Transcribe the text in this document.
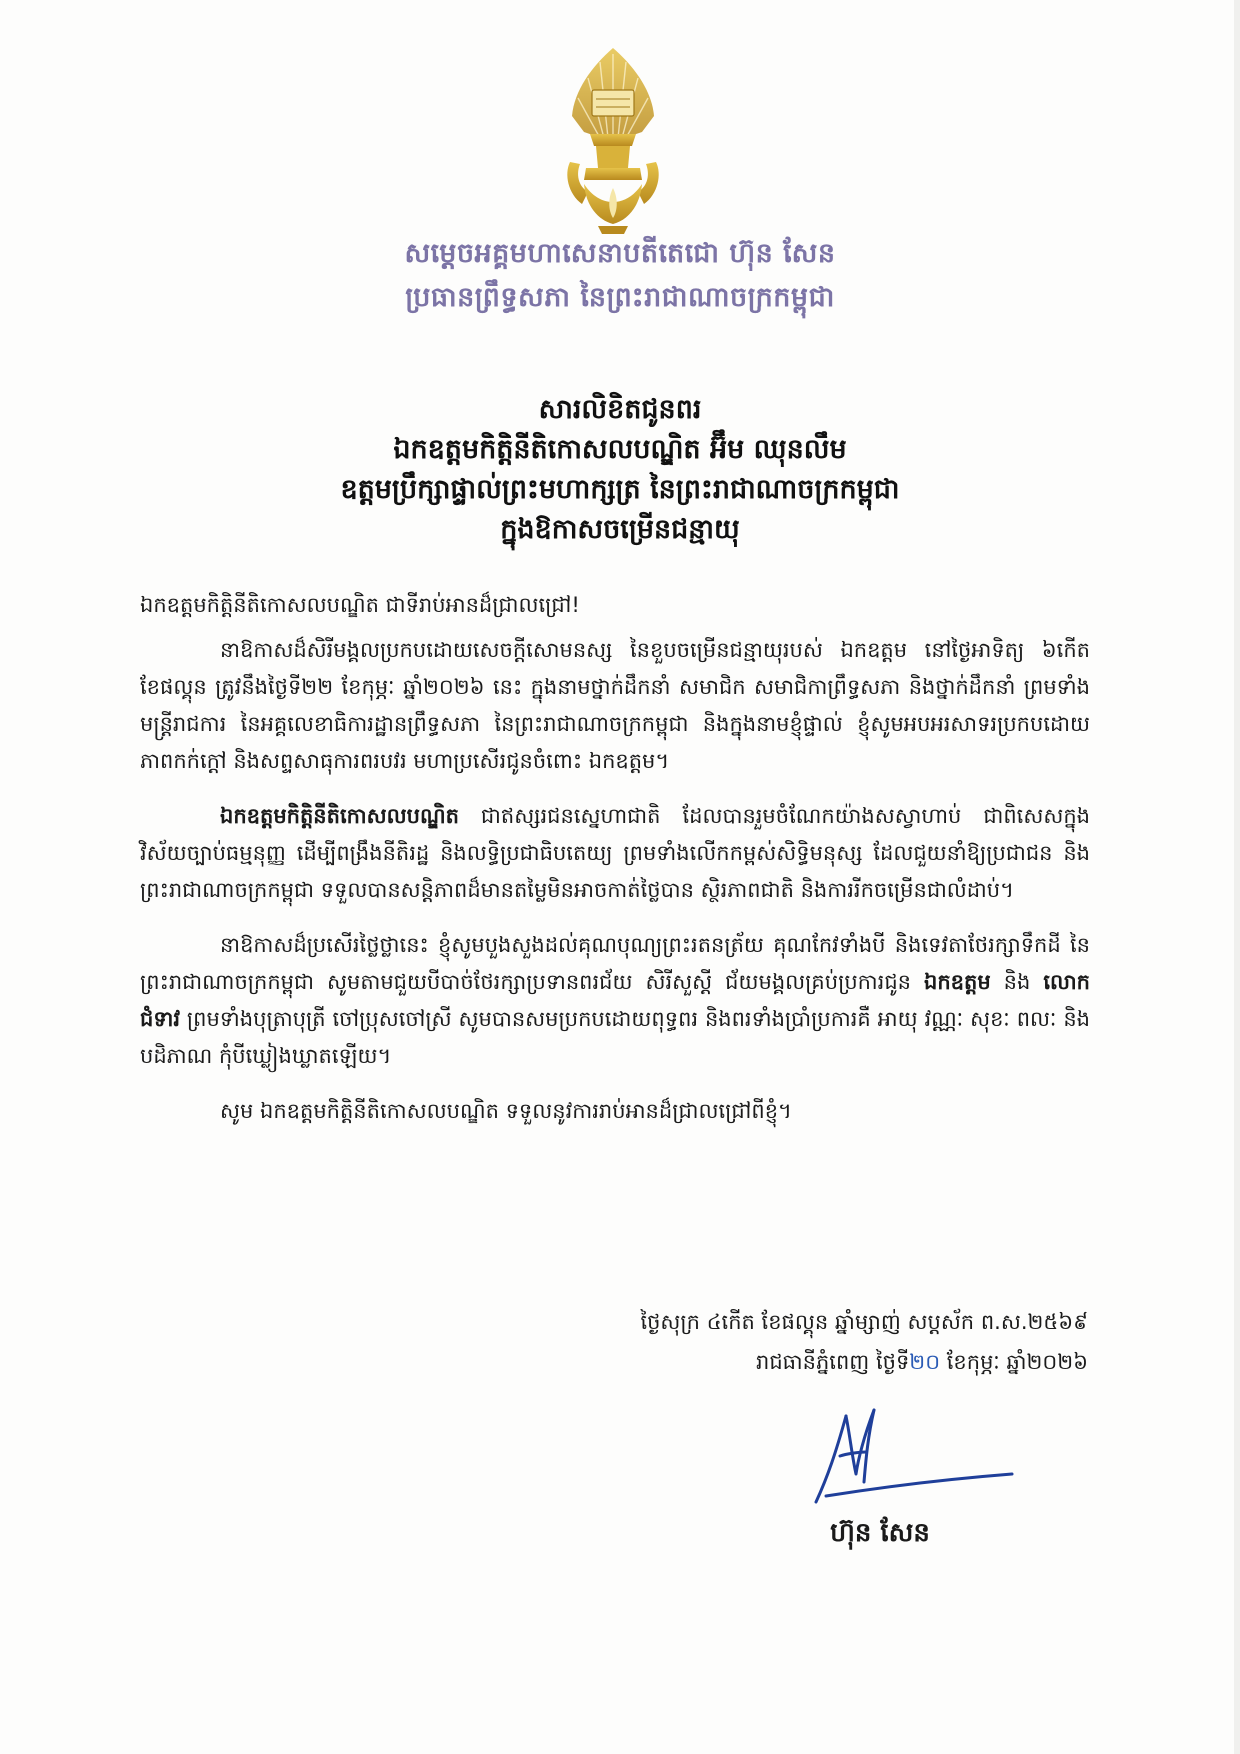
សម្តេចអគ្គមហាសេនាបតីតេជោ ហ៊ុន សែន
ប្រធានព្រឹទ្ធសភា នៃព្រះរាជាណាចក្រកម្ពុជា
សារលិខិតជូនពរ
ឯកឧត្តមកិត្តិនីតិកោសលបណ្ឌិត អ៊ឹម ឈុនលឹម
ឧត្តមប្រឹក្សាផ្ទាល់ព្រះមហាក្សត្រ នៃព្រះរាជាណាចក្រកម្ពុជា
ក្នុងឱកាសចម្រើនជន្មាយុ

ឯកឧត្តមកិត្តិនីតិកោសលបណ្ឌិត ជាទីរាប់អានដ៏ជ្រាលជ្រៅ!

នាឱកាសដ៏សិរីមង្គលប្រកបដោយសេចក្តីសោមនស្ស នៃខួបចម្រើនជន្មាយុរបស់ ឯកឧត្តម នៅថ្ងៃអាទិត្យ ៦កើត ខែផល្គុន ត្រូវនឹងថ្ងៃទី២២ ខែកុម្ភៈ ឆ្នាំ២០២៦ នេះ ក្នុងនាមថ្នាក់ដឹកនាំ សមាជិក សមាជិកាព្រឹទ្ធសភា និងថ្នាក់ដឹកនាំ ព្រមទាំងមន្ត្រីរាជការ នៃអគ្គលេខាធិការដ្ឋានព្រឹទ្ធសភា នៃព្រះរាជាណាចក្រកម្ពុជា និងក្នុងនាមខ្ញុំផ្ទាល់ ខ្ញុំសូមអបអរសាទរប្រកបដោយភាពកក់ក្តៅ និងសព្ទសាធុការពរបវរ មហាប្រសើរជូនចំពោះ ឯកឧត្តម។

ឯកឧត្តមកិត្តិនីតិកោសលបណ្ឌិត ជាឥស្សរជនស្នេហាជាតិ ដែលបានរួមចំណែកយ៉ាងសស្វាហាប់ ជាពិសេសក្នុងវិស័យច្បាប់ធម្មនុញ្ញ ដើម្បីពង្រឹងនីតិរដ្ឋ និងលទ្ធិប្រជាធិបតេយ្យ ព្រមទាំងលើកកម្ពស់សិទ្ធិមនុស្ស ដែលជួយនាំឱ្យប្រជាជន និងព្រះរាជាណាចក្រកម្ពុជា ទទួលបានសន្តិភាពដ៏មានតម្លៃមិនអាចកាត់ថ្លៃបាន ស្ថិរភាពជាតិ និងការរីកចម្រើនជាលំដាប់។

នាឱកាសដ៏ប្រសើរថ្លៃថ្លានេះ ខ្ញុំសូមបួងសួងដល់គុណបុណ្យព្រះរតនត្រ័យ គុណកែវទាំងបី និងទេវតាថែរក្សាទឹកដី នៃព្រះរាជាណាចក្រកម្ពុជា សូមតាមជួយបីបាច់ថែរក្សាប្រទានពរជ័យ សិរីសួស្តី ជ័យមង្គលគ្រប់ប្រការជូន ឯកឧត្តម និង លោកជំទាវ ព្រមទាំងបុត្រាបុត្រី ចៅប្រុសចៅស្រី សូមបានសមប្រកបដោយពុទ្ធពរ និងពរទាំងប្រាំប្រការគឺ អាយុ វណ្ណៈ សុខៈ ពលៈ និងបដិភាណ កុំបីឃ្លៀងឃ្លាតឡើយ។

សូម ឯកឧត្តមកិត្តិនីតិកោសលបណ្ឌិត ទទួលនូវការរាប់អានដ៏ជ្រាលជ្រៅពីខ្ញុំ។

ថ្ងៃសុក្រ ៤កើត ខែផល្គុន ឆ្នាំម្សាញ់ សប្តស័ក ព.ស.២៥៦៩
រាជធានីភ្នំពេញ ថ្ងៃទី២០ ខែកុម្ភៈ ឆ្នាំ២០២៦
ហ៊ុន សែន
